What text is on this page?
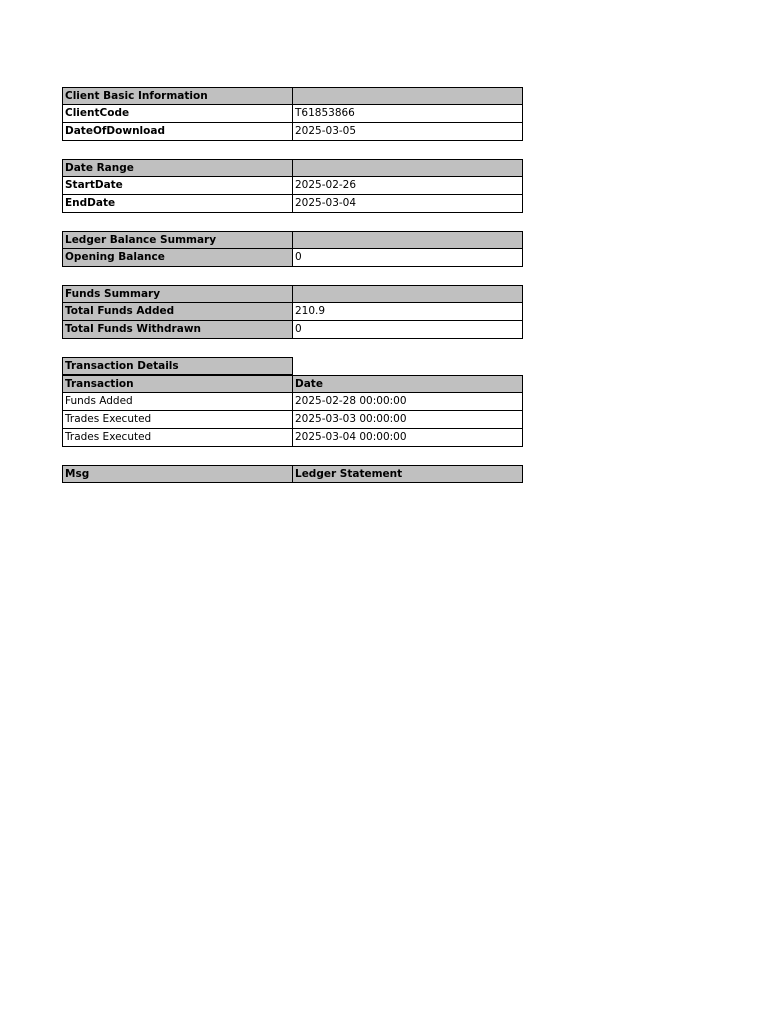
Client Basic Information
ClientCode	T61853866
DateOfDownload	2025-03-05
Date Range
StartDate	2025-02-26
EndDate	2025-03-04
Ledger Balance Summary
Opening Balance	0
Funds Summary
Total Funds Added	210.9
Total Funds Withdrawn	0
Transaction Details
Transaction	Date
Funds Added	2025-02-28 00:00:00
Trades Executed	2025-03-03 00:00:00
Trades Executed	2025-03-04 00:00:00
Msg	Ledger Statement
